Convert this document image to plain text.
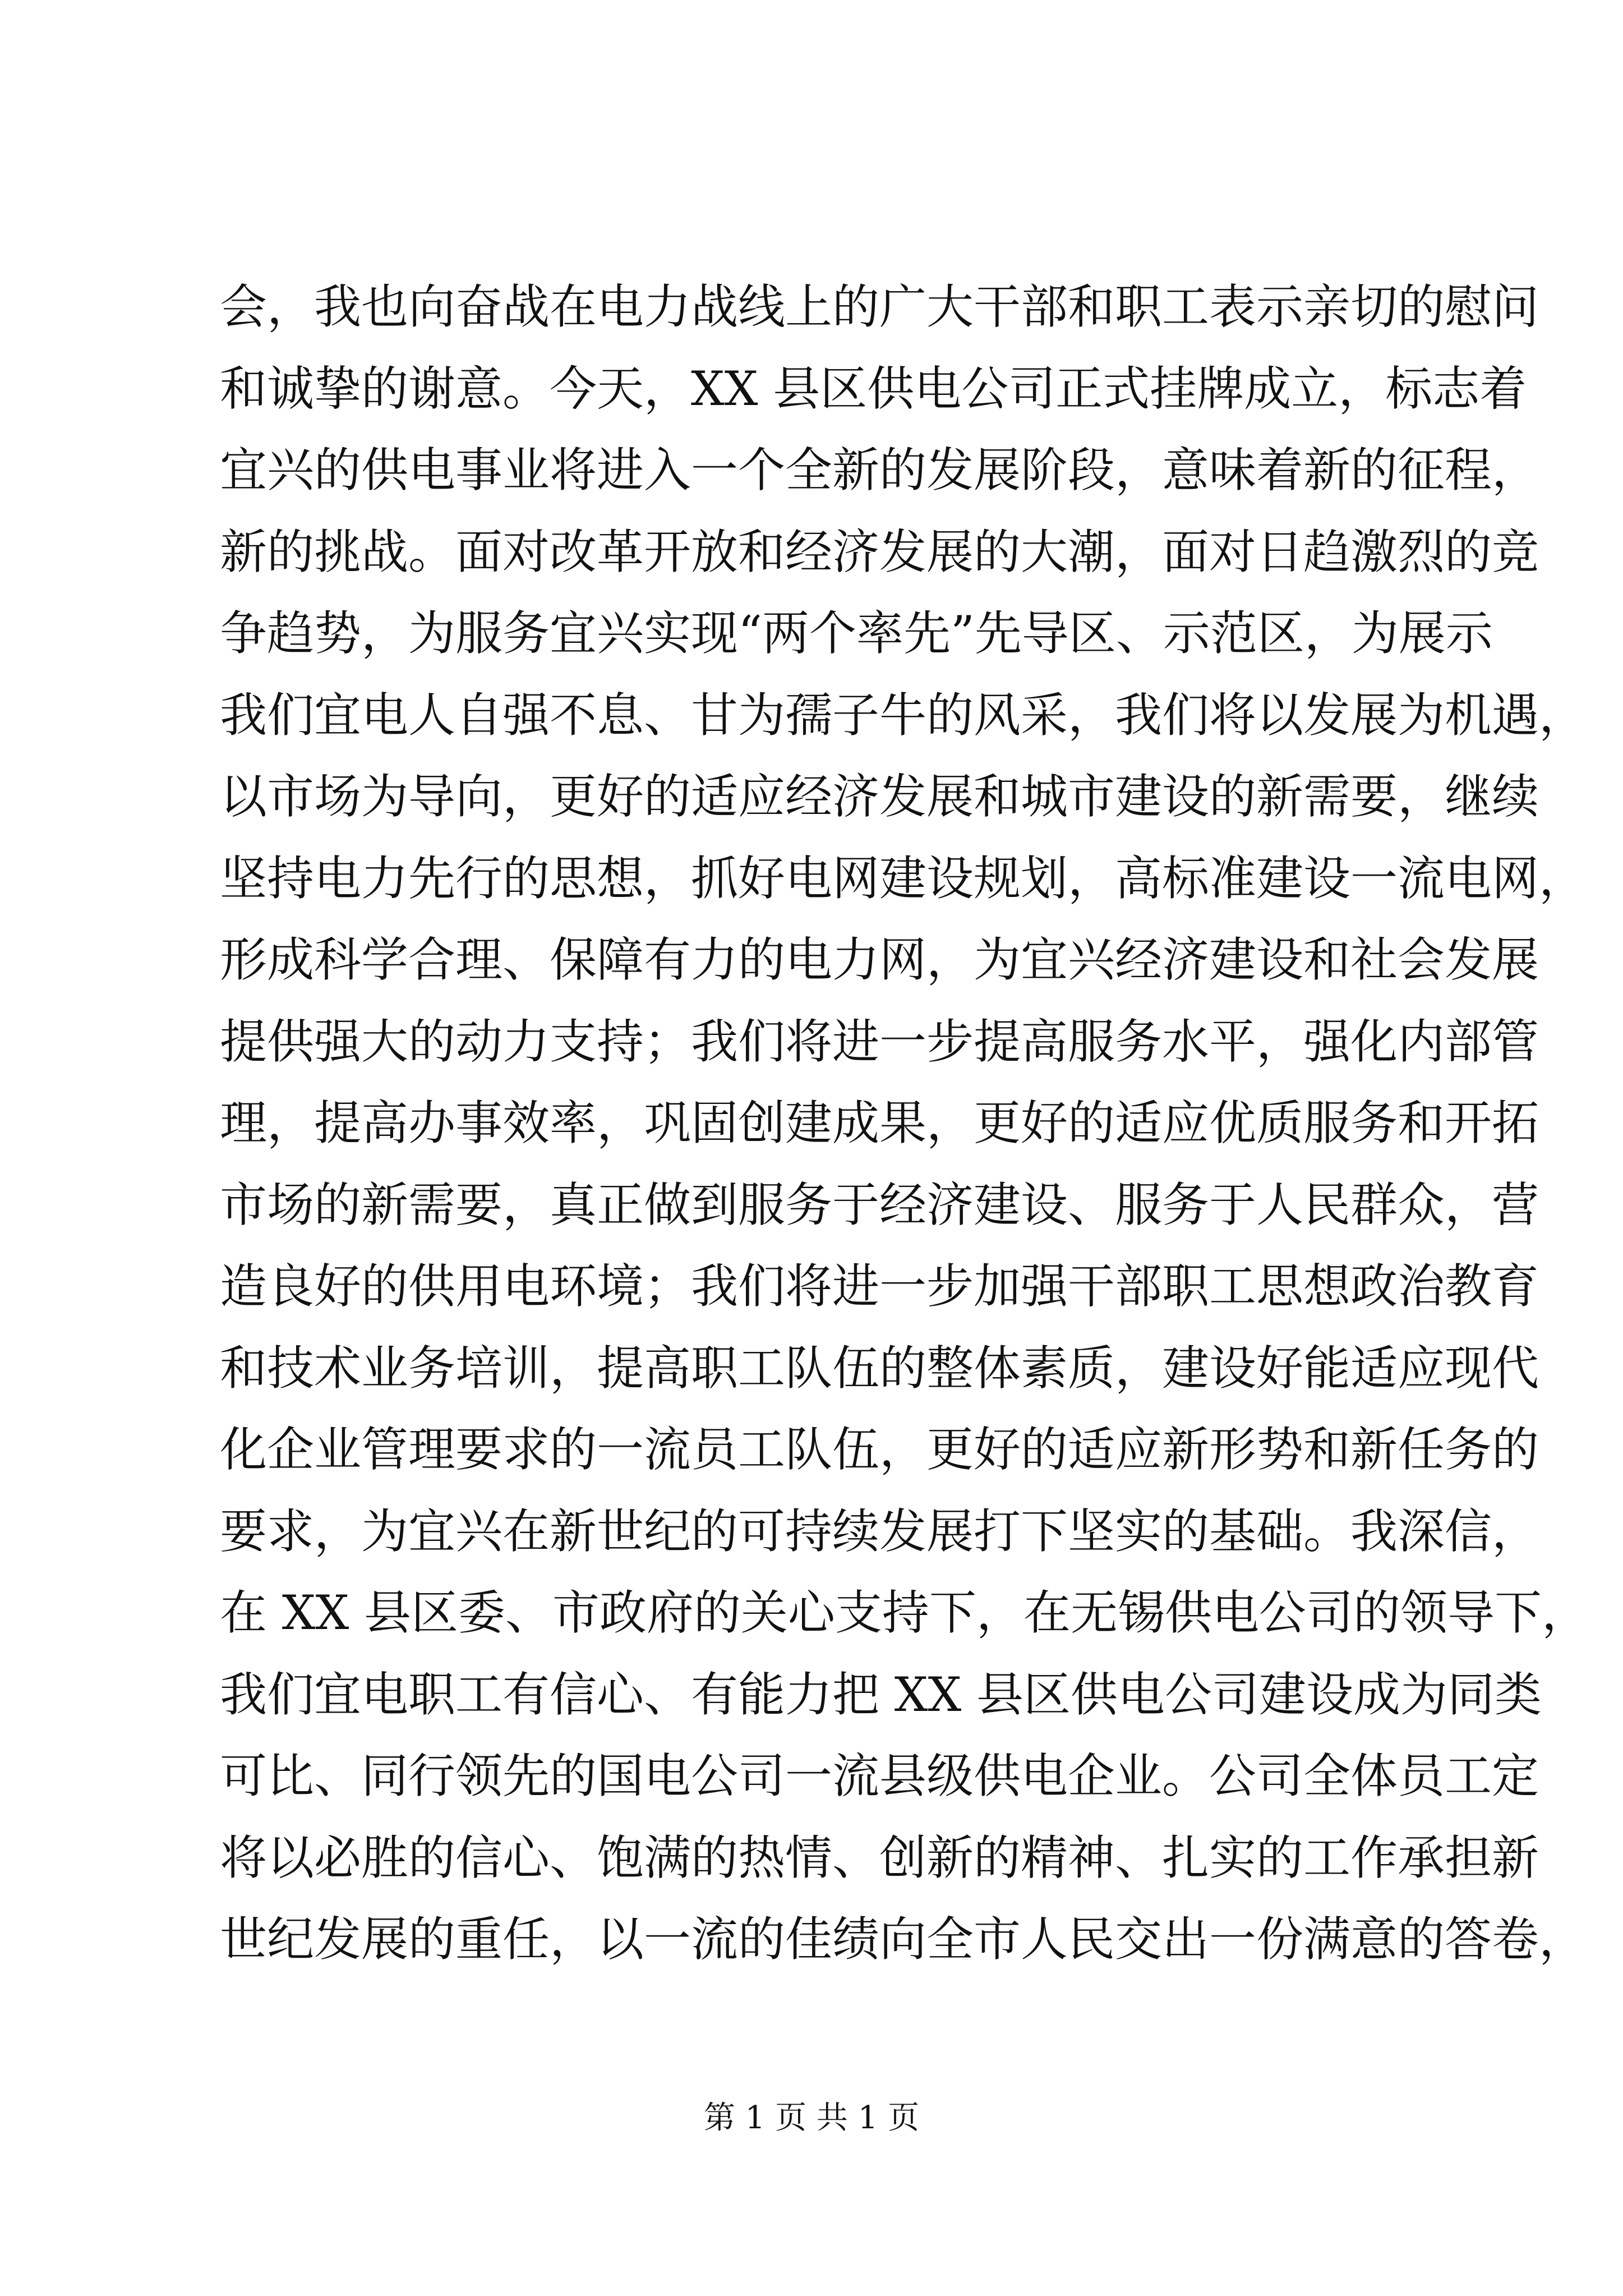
会，我也向奋战在电力战线上的广大干部和职工表示亲切的慰问
和诚挚的谢意。今天，XX 县区供电公司正式挂牌成立，标志着
宜兴的供电事业将进入一个全新的发展阶段，意味着新的征程，
新的挑战。面对改革开放和经济发展的大潮，面对日趋激烈的竞
争趋势，为服务宜兴实现“两个率先”先导区、示范区，为展示
我们宜电人自强不息、甘为孺子牛的风采，我们将以发展为机遇，
以市场为导向，更好的适应经济发展和城市建设的新需要，继续
坚持电力先行的思想，抓好电网建设规划，高标准建设一流电网，
形成科学合理、保障有力的电力网，为宜兴经济建设和社会发展
提供强大的动力支持；我们将进一步提高服务水平，强化内部管
理，提高办事效率，巩固创建成果，更好的适应优质服务和开拓
市场的新需要，真正做到服务于经济建设、服务于人民群众，营
造良好的供用电环境；我们将进一步加强干部职工思想政治教育
和技术业务培训，提高职工队伍的整体素质，建设好能适应现代
化企业管理要求的一流员工队伍，更好的适应新形势和新任务的
要求，为宜兴在新世纪的可持续发展打下坚实的基础。我深信，
在 XX 县区委、市政府的关心支持下，在无锡供电公司的领导下，
我们宜电职工有信心、有能力把 XX 县区供电公司建设成为同类
可比、同行领先的国电公司一流县级供电企业。公司全体员工定
将以必胜的信心、饱满的热情、创新的精神、扎实的工作承担新
世纪发展的重任，以一流的佳绩向全市人民交出一份满意的答卷，
第 1 页 共 1 页
